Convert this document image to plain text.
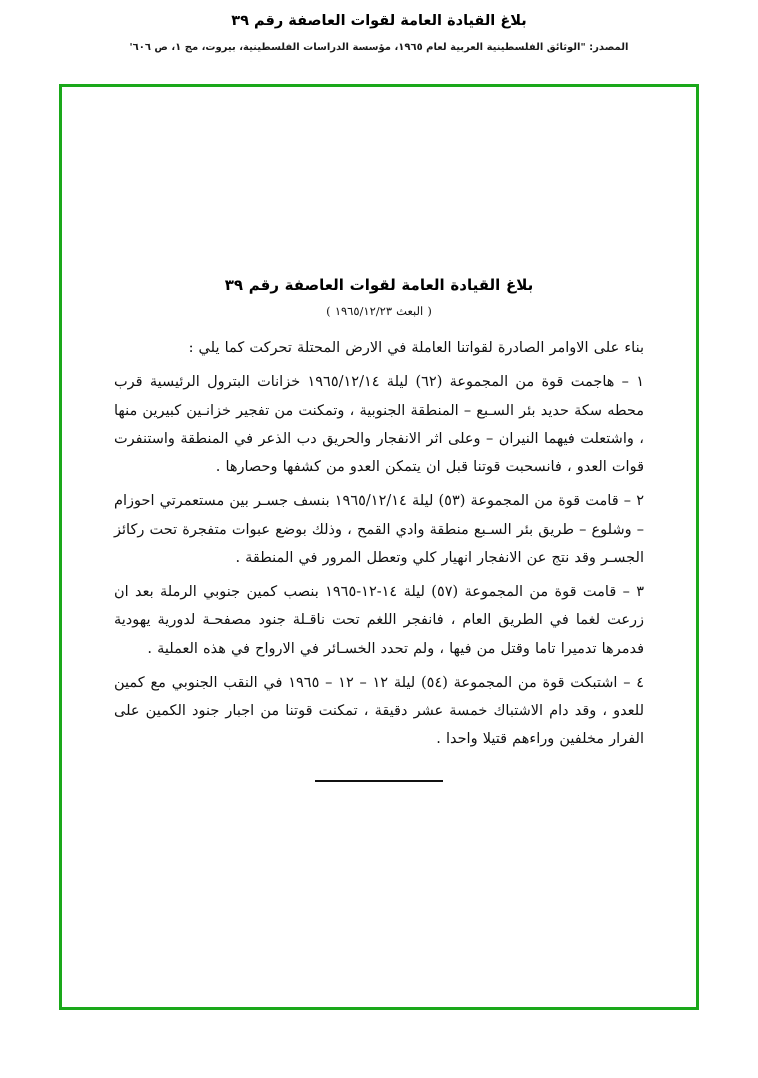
بلاغ القيادة العامة لقوات العاصفة رقم ٣٩
المصدر: "الوثائق الفلسطينية العربية لعام ١٩٦٥، مؤسسة الدراسات الفلسطينية، بيروت، مج ١، ص ٦٠٦'
بلاغ القيادة العامة لقوات العاصفة رقم ٣٩
( البعث ١٩٦٥/١٢/٢٣ )
بناء على الاوامر الصادرة لقواتنا العاملة في الارض المحتلة تحركت كما يلي :
١ – هاجمت قوة من المجموعة (٦٢) ليلة ١٩٦٥/١٢/١٤ خزانات البترول الرئيسية قرب محطه سكة حديد بئر السـبع – المنطقة الجنوبية ، وتمكنت من تفجير خزانـين كبيرين منها ، واشتعلت فيهما النيران – وعلى اثر الانفجار والحريق دب الذعر في المنطقة واستنفرت قوات العدو ، فانسحبت قوتنا قبل ان يتمكن العدو من كشفها وحصارها .
٢ – قامت قوة من المجموعة (٥٣) ليلة ١٩٦٥/١٢/١٤ بنسف جسـر بين مستعمرتي احوزام – وشلوع – طريق بئر السـبع منطقة وادي القمح ، وذلك بوضع عبوات متفجرة تحت ركائز الجسـر وقد نتج عن الانفجار انهيار كلي وتعطل المرور في المنطقة .
٣ – قامت قوة من المجموعة (٥٧) ليلة ١٤-١٢-١٩٦٥ بنصب كمين جنوبي الرملة بعد ان زرعت لغما في الطريق العام ، فانفجر اللغم تحت ناقـلة جنود مصفحـة لدورية يهودية فدمرها تدميرا تاما وقتل من فيها ، ولم تحدد الخسـائر في الارواح في هذه العملية .
٤ – اشتبكت قوة من المجموعة (٥٤) ليلة ١٢ – ١٢ – ١٩٦٥ في النقب الجنوبي مع كمين للعدو ، وقد دام الاشتباك خمسة عشر دقيقة ، تمكنت قوتنا من اجبار جنود الكمين على الفرار مخلفين وراءهم قتيلا واحدا .
